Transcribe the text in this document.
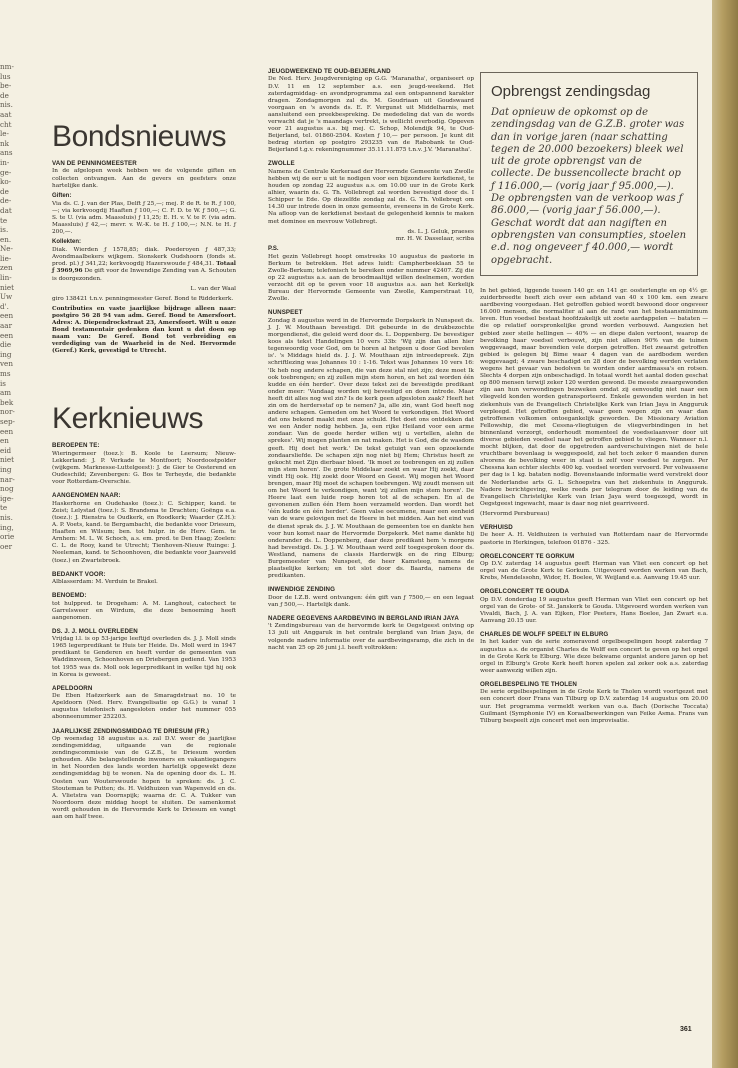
nm-
lus
be-
de
nis.
aat
cht
le-
nk
ans
in-
ge-
ko-
de
de-
dat
te
is.
en.
Ne-
lie-
zen
lin-
niet
Uw
d'.
een
aar
een
die
ing
ven
ms
is
am
bek
nor-
sep-
een
en
eid
niet
ing
nar-
nog
ige-
te
nis.
ing,
orie
oer
Bondsnieuws
VAN DE PENNINGMEESTER

In de afgelopen week hebben we de volgende giften en collecten ontvangen. Aan de gevers en geefsters onze hartelijke dank.

Giften:

Via ds. C. J. van der Plas, Delft ƒ 25,—; mej. P. de R. te R. ƒ 100,—; via kerkvoogdij Haaften ƒ 100,—; C. F. D. te W. ƒ 500,—; G. S. te U. (via adm. Maassluis) ƒ 11,25; E. H. v. V. te F. (via adm. Maassluis) ƒ 42,—; mevr. v. W.-K. te H. ƒ 100,—; N.N. te H. ƒ 200,—.

Kollekten:

Diak. Wierden ƒ 1578,85; diak. Poederoyen ƒ 487,33; Avondmaalbekers wijkgem. Sionskerk Oudshoorn (fonds st. prod. pl.) ƒ 341,22; kerkvoogdij Hazerswoude ƒ 484,31. Totaal ƒ 3969,96 De gift voor de Inwendige Zending van A. Schouten is doorgezonden.

L. van der Waal

giro 138421 t.n.v. penningmeester Geref. Bond te Ridderkerk.

Contributies en vaste jaarlijkse bijdrage alleen naar: postgiro 56 28 94 van adm. Geref. Bond te Amersfoort. Adres: A. Diependrockstraat 23, Amersfoort. Wilt u onze Bond testamentair gedenken dan kunt u dat doen op naam van: De Geref. Bond tot verbreiding en verdediging van de Waarheid in de Ned. Hervormde (Geref.) Kerk, gevestigd te Utrecht.

Kerknieuws
BEROEPEN TE:

Wieringermeer (toez.): B. Koole te Leersum; Nieuw-Lekkerland: J. P. Verkade te Montfoort; Noordoostpolder (wijkgem. Marknesse-Luttelgeest): J. de Gier te Oosterend en Oudeschild; Zevenbergen: G. Bos te Terheyde, die bedankte voor Rotterdam-Overschie.

AANGENOMEN NAAR:

Haskerhorne en Oudehaske (toez.): C. Schipper, kand. te Zeist; Lelystad (toez.): S. Brandsma te Drachten; Goënga e.a. (toez.): J. Rienstra te Oudkerk, en Roodkerk; Waarder (Z.H.): A. P. Voets, kand. te Bergambacht, die bedankte voor Driesum, Haaften en Wilsum; ben. tot hulpr. in de Herv. Gem. te Arnhem: M. L. W. Schoch, a.s. em. pred. te Den Haag; Zoelen: C. L. de Rooy, kand te Utrecht; Tienhoven-Nieuw Ruinge: J. Neeleman, kand. te Schoonhoven, die bedankte voor Jaarsveld (toez.) en Zwartebroek.

BEDANKT VOOR:

Alblasserdam: M. Verduin te Brakel.

BENOEMD:

tot hulppred. te Drogeham: A. M. Langhout, catechect te Garrelsweer en Wirdum, die deze benoeming heeft aangenomen.

DS. J. J. MOLL OVERLEDEN

Vrijdag l.l. is op 53-jarige leeftijd overleden ds. J. J. Moll sinds 1965 legerpredikant te Huis ter Heide. Ds. Moll werd in 1947 predikant te Genderen en heeft verder de gemeenten van Waddinxveen, Schoonhoven en Driebergen gediend. Van 1953 tot 1955 was ds. Moll ook legerpredikant in welke tijd hij ook in Korea is geweest.

APELDOORN

De Eben Haëzerkerk aan de Smaragdstraat no. 10 te Apeldoorn (Ned. Herv. Evangelisatie op G.G.) is vanaf 1 augustus telefonisch aangesloten onder het nummer 055 abonneenummer 252203.

JAARLIJKSE ZENDINGSMIDDAG TE DRIESUM (FR.)

Op woensdag 18 augustus a.s. zal D.V. weer de jaarlijkse zendingsmiddag, uitgaande van de regionale zendingscommissie van de G.Z.B., te Driesum worden gehouden. Alle belangstellende inwoners en vakantiegangers in het Noorden des lands worden hartelijk opgewekt deze zendingsmiddag bij te wonen. Na de opening door ds. L. H. Oosten van Wouterswoude hopen te spreken: ds. J. C. Stouteman te Putten; ds. H. Veldhuizen van Wapenveld en ds. A. Vlietstra van Doornspijk; waarna dr. C. A. Tukker van Noordoorn deze middag hoopt te sluiten. De samenkomst wordt gehouden in de Hervormde Kerk te Driesum en vangt aan om half twee.

JEUGDWEEKEND TE OUD-BEIJERLAND

De Ned. Herv. Jeugdvereniging op G.G. 'Maranatha', organiseert op D.V. 11 en 12 september a.s. een jeugd-weekend. Het zaterdagmiddag- en avondprogramma zal een ontspannend karakter dragen. Zondagmorgen zal ds. M. Goudriaan uit Goudswaard voorgaan en 's avonds ds. E. F. Vergunst uit Middelharnis, met aansluitend een preekbespreking. De mededeling dat van de words verwacht dat je 's maandags vertrekt, is wellicht overbodig. Opgeven voor 21 augustus a.s. bij mej. C. Schop, Molendijk 94, te Oud-Beijerland, tel. 01860-2504. Kosten ƒ 10,— per persoon. Je kunt dit bedrag storten op postgiro 293235 van de Rabobank te Oud-Beijerland t.g.v. rekeningnummer 35.11.11.875 t.n.v. J.V. 'Maranatha'.

ZWOLLE

Namens de Centrale Kerkeraad der Hervormde Gemeente van Zwolle hebben wij de eer u uit te nodigen voor een bijzondere kerkdienst, te houden op zondag 22 augustus a.s. om 10.00 uur in de Grote Kerk alhier, waarin ds. G. Th. Vollebregt zal worden bevestigd door ds. I Schipper te Ede. Op diezelfde zondag zal ds. G. Th. Vollebregt om 14.30 uur intrede doen in onze gemeente, eveneens in de Grote Kerk. Na afloop van de kerkdienst bestaat de gelegenheid kennis te maken met dominee en mevrouw Vollebregt.

ds. L. J. Geluk, praeses

mr. H. W. Dasselaar, scriba

P.S.

Het gezin Vollebregt hoopt omstreeks 10 augustus de pastorie in Berkum te betrekken. Het adres luidt: Campherbeeklaan 55 te Zwolle-Berkum; telefonisch te bereiken onder nummer 42407. Zij die op 22 augustus a.s. aan de broodmaaltijd willen deelnemen, worden verzocht dit op te geven voor 18 augustus a.s. aan het Kerkelijk Bureau der Hervormde Gemeente van Zwolle, Kamperstraat 10, Zwolle.

NUNSPEET

Zondag 8 augustus werd in de Hervormde Dorpskerk in Nunspeet ds. J. J. W. Mouthaan bevestigd. Dit gebeurde in de drukbezochte morgendienst, die geleid werd door ds. L. Doppenberg. De bevestiger koos als tekst Handelingen 10 vers 33b: 'Wij zijn dan allen hier tegenwoordig voor God, om te horen al hetgeen u door God bevolen is'. 's Middags hield ds. J. J. W. Mouthaan zijn intreedepreek. Zijn schriftlezing was Johannes 10 : 1-16. Tekst was Johannes 10 vers 16: 'Ik heb nog andere schapen, die van deze stal niet zijn; deze moet Ik ook toebrengen; en zij zullen mijn stem horen, en het zal worden één kudde en één herder'. Over deze tekst zei de bevestigde predikant onder meer: 'Vandaag worden wij bevestigd en doen intrede. Maar heeft dit alles nog wel zin? Is de kerk geen afgesloten zaak? Heeft het zin om de herdersstaf op te nemen? Ja, alle zin, want God heeft nog andere schapen. Gemeden om het Woord te verkondigen. Het Woord dat ons bekend maakt met onze schuld. Het doet ons ontdekken dat we een Ander nodig hebben. Ja, een rijke Heiland voor een arme zondaar. Van de goede herder willen wij u vertellen, alehn de sprekes'. Wij mogen planten en nat maken. Het is God, die de wasdom geeft. Hij doet het werk.' De tekst getuigt van een opzoekende zondaarsliefde. De schapen zijn nog niet bij Hem; Christus heeft ze gekocht met Zijn dierbaar bloed. 'Ik moet ze toebrengen en zij zullen mijn stem horen'. De grote Middelaar zoekt en waar Hij zoekt, daar vindt Hij ook. Hij zoekt door Woord en Geest. Wij mogen het Woord brengen, maar Hij moet de schapen toebrengen. Wij zoudt mensen uit om het Woord te verkondigen, want 'zij zullen mijn stem horen'. De Heere laat een luide roep horen tot al de schapen. En al de gevonenen zullen één Hem hoen verzameld worden. Dan wordt het 'één kudde en één herder'. Geen valse oecumene, maar een eenheid van de ware gelovigen met de Heere in het midden. Aan het eind van de dienst sprak ds. J. J. W. Mouthaan de gemeenten toe en dankte hen voor hun komst naar de Hervormde Dorpskerk. Met name dankte hij onderander ds. L. Doppenberg, daar deze predikant hem 's morgens had bevestigd. Ds. J. J. W. Mouthaan werd zelf toegesproken door ds. Westland, namens de classis Harderwijk en de ring Elburg; Burgemeester van Nunspeet, de heer Kamsteeg, namens de plaatselijke kerken; en tot slot door ds. Baarda, namens de predikanten.

INWENDIGE ZENDING

Door de I.Z.B. werd ontvangen: één gift van ƒ 7500,— en een legaat van ƒ 500,—. Hartelijk dank.

NADERE GEGEVENS AARDBEVING IN BERGLAND IRIAN JAYA

't Zendingsbureau van de hervormde kerk te Oegstgeest ontving op 13 juli uit Anggaruk in het centrale bergland van Irian Jaya, de volgende nadere informatie over de aardbevingsramp, die zich in de nacht van 25 op 26 juni j.l. heeft voltrokken:

Opbrengst zendingsdag
Dat opnieuw de opkomst op de zendingsdag van de G.Z.B. groter was dan in vorige jaren (naar schatting tegen de 20.000 bezoekers) bleek wel uit de grote opbrengst van de collecte. De bussencollecte bracht op ƒ 116.000,— (vorig jaar ƒ 95.000,—). De opbrengsten van de verkoop was ƒ 86.000,— (vorig jaar ƒ 56.000,—). Geschat wordt dat aan nagiften en opbrengsten van consumpties, stoelen e.d. nog ongeveer ƒ 40.000,— wordt opgebracht.

In het gebied, liggende tussen 140 gr. en 141 gr. oosterlengte en op 4½ gr. zuiderbreedte heeft zich over een afstand van 40 x 100 km. een zware aardbeving voorgedaan. Het getroffen gebied wordt bewoond door ongeveer 16.000 mensen, die normaliter al aan de rand van het bestaansminimum leven. Hun voedsel bestaat hoofdzakelijk uit zoete aardappelen — bataten — die op relatief oorspronkelijke grond worden verbouwd. Aangezien het gebied zeer steile hellingen — 40% — en diepe dalen vertoont, waarop de bevolking haar voedsel verbouwt, zijn niet alleen 90% van de tuinen weggevaagd, maar bovendien vele dorpen getroffen. Het zwaarst getroffen gebied is gelegen bij Bime waar 4 dagen van de aardbodem werden weggevaagd; 4 zware beschadigd en 28 door de bevolking werden verlaten wegens het gevaar van bedolven te worden onder aardmassa's en rotsen. Slechts 4 dorpen zijn onbeschadigd. In totaal wordt het aantal doden geschat op 800 mensen terwijl zeker 120 werden gewond. De meeste zwaargewonden zijn aan hun verwondingen bezweken omdat zij eenvoudig niet naar een vliegveld konden worden getransporteerd. Enkele gewonden werden in het ziekenhuis van de Evangelisch Christelijke Kerk van Irian Jaya in Angguruk verpleegd. Het getroffen gebied, waar geen wegen zijn en waar dan getroffenen volkomen ontoegankelijk geworden. De Missionary Aviation Fellowship, die met Cessna-vliegtuigen de vliegverbindingen in het binnenland verzorgt, onderhoudt momenteel de voedselaanvoer door uit diverse gebieden voedsel naar het getroffen gebied te vliegen. Wanneer n.l. mocht blijken, dat door de opgetreden aardverschuivingen niet de hele vruchtbare bovenlaag is weggespoeld, zal het toch zeker 6 maanden duren alvorens de bevolking weer in staat is zelf voor voedsel te zorgen. Per Chessna kan echter slechts 400 kg. voedsel worden vervoerd. Per volwassene per dag is 1 kg. bataten nodig. Bovenstaande informatie werd verstrekt door de Nederlandse arts G. L. Schoepstra van het ziekenhuis in Angguruk. Nadere berichtgeving, welke reeds per telegram door de leiding van de Evangelisch Christelijke Kerk van Irian Jaya werd toegezegd, wordt in Oegstgeest ingewacht, maar is daar nog niet gearriveerd.

(Hervormd Persbureau)

VERHUISD

De heer A. H. Veldhuizen is verhuisd van Rotterdam naar de Hervormde pastorie in Herkingen, telefoon 01876 - 325.

ORGELCONCERT TE GORKUM

Op D.V. zaterdag 14 augustus geeft Herman van Vliet een concert op het orgel van de Grote Kerk te Gorkum. Uitgevoerd worden werken van Bach, Krebs, Mendelssohn, Widor, H. Boelee, W. Weijland e.a. Aanvang 19.45 uur.

ORGELCONCERT TE GOUDA

Op D.V. donderdag 19 augustus geeft Herman van Vliet een concert op het orgel van de Grote- of St. Janskerk te Gouda. Uitgevoerd worden werken van Vivaldi, Bach, J. A. van Eijken, Flor Peeters, Hans Boelee, Jan Zwart e.a. Aanvang 20.15 uur.

CHARLES DE WOLFF SPEELT IN ELBURG

In het kader van de serie zomeravond orgelbespelingen hoopt zaterdag 7 augustus a.s. de organist Charles de Wolff een concert te geven op het orgel in de Grote Kerk te Elburg. Wie deze bekwame organist andere jaren op het orgel in Elburg's Grote Kerk heeft horen spelen zal zeker ook a.s. zaterdag weer aanwezig willen zijn.

ORGELBESPELING TE THOLEN

De serie orgelbespelingen in de Grote Kerk te Tholen wordt voortgezet met een concert door Frans van Tilburg op D.V. zaterdag 14 augustus om 20.00 uur. Het programma vermeldt werken van o.a. Bach (Dorische Toccata) Guilmant (Symphonie IV) en Koraalbewerkingen van Feike Asma. Frans van Tilburg bespeelt zijn concert met een improvisatie.

361
